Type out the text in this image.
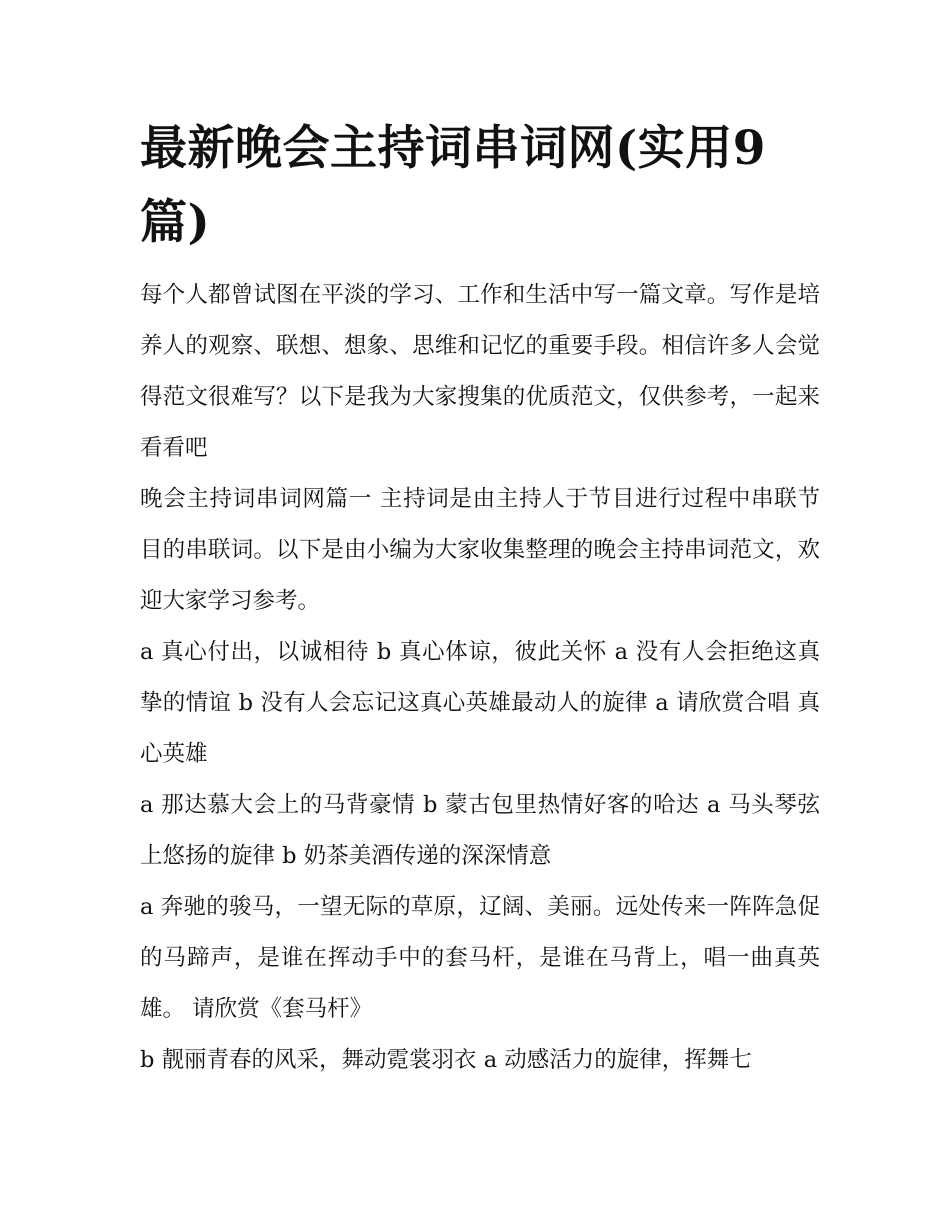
最新晚会主持词串词网(实用9篇)

每个人都曾试图在平淡的学习、工作和生活中写一篇文章。写作是培养人的观察、联想、想象、思维和记忆的重要手段。相信许多人会觉得范文很难写？以下是我为大家搜集的优质范文，仅供参考，一起来看看吧

晚会主持词串词网篇一 主持词是由主持人于节目进行过程中串联节目的串联词。以下是由小编为大家收集整理的晚会主持串词范文，欢迎大家学习参考。

a 真心付出，以诚相待 b 真心体谅，彼此关怀 a 没有人会拒绝这真挚的情谊 b 没有人会忘记这真心英雄最动人的旋律 a 请欣赏合唱 真心英雄

a 那达慕大会上的马背豪情 b 蒙古包里热情好客的哈达 a 马头琴弦上悠扬的旋律 b 奶茶美酒传递的深深情意

a 奔驰的骏马，一望无际的草原，辽阔、美丽。远处传来一阵阵急促的马蹄声，是谁在挥动手中的套马杆，是谁在马背上，唱一曲真英雄。 请欣赏《套马杆》

b 靓丽青春的风采，舞动霓裳羽衣 a 动感活力的旋律，挥舞七
